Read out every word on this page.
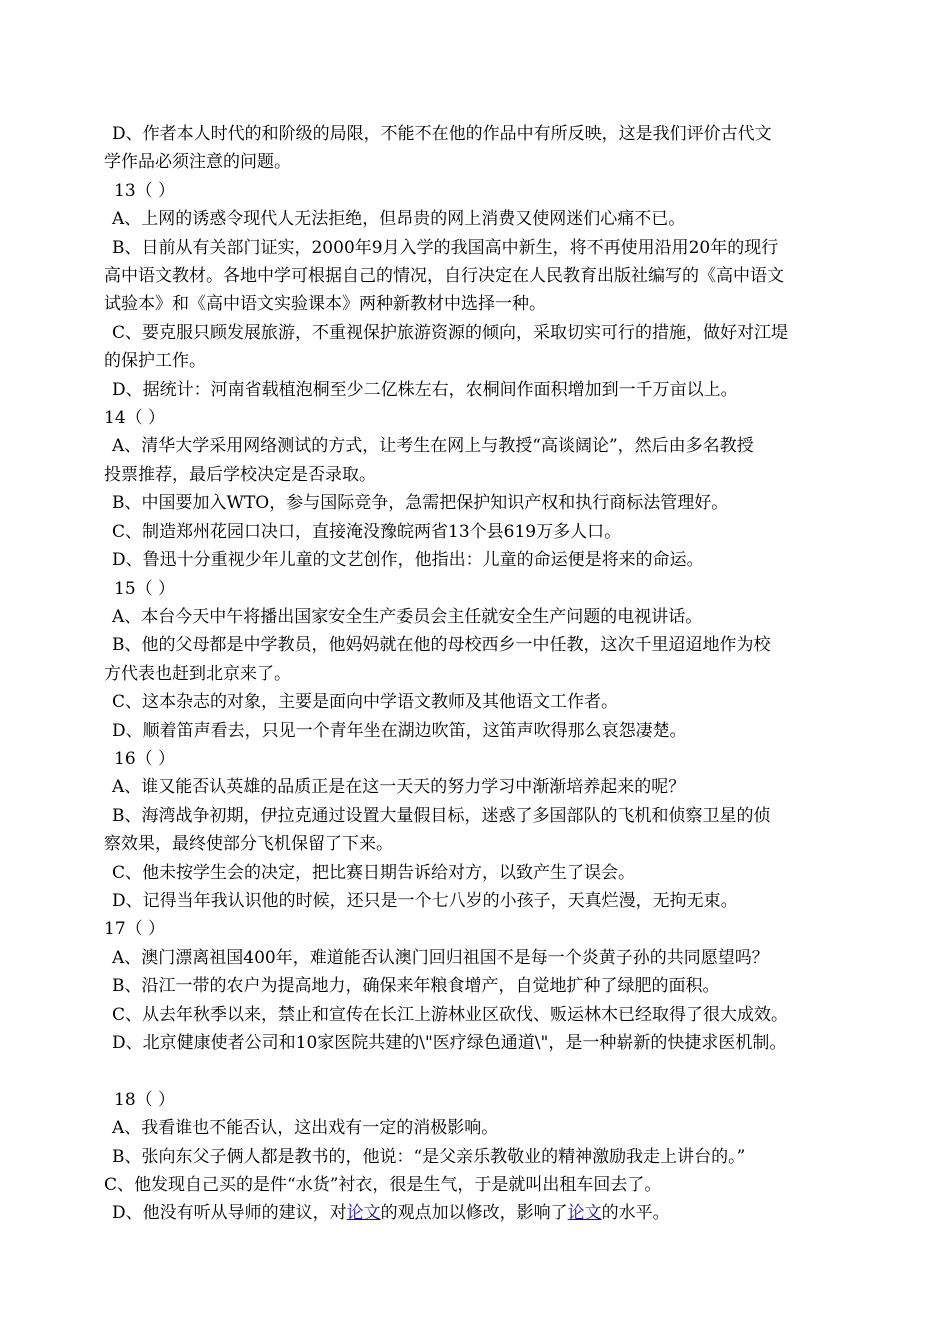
D、作者本人时代的和阶级的局限，不能不在他的作品中有所反映，这是我们评价古代文
学作品必须注意的问题。
13（ ）
A、上网的诱惑令现代人无法拒绝，但昂贵的网上消费又使网迷们心痛不已。
B、日前从有关部门证实，2000年9月入学的我国高中新生，将不再使用沿用20年的现行
高中语文教材。各地中学可根据自己的情况，自行决定在人民教育出版社编写的《高中语文
试验本》和《高中语文实验课本》两种新教材中选择一种。
C、要克服只顾发展旅游，不重视保护旅游资源的倾向，采取切实可行的措施，做好对江堤
的保护工作。
D、据统计：河南省载植泡桐至少二亿株左右，农桐间作面积增加到一千万亩以上。
14（ ）
A、清华大学采用网络测试的方式，让考生在网上与教授“高谈阔论”，然后由多名教授
投票推荐，最后学校决定是否录取。
B、中国要加入WTO，参与国际竞争，急需把保护知识产权和执行商标法管理好。
C、制造郑州花园口决口，直接淹没豫皖两省13个县619万多人口。
D、鲁迅十分重视少年儿童的文艺创作，他指出：儿童的命运便是将来的命运。
15（ ）
A、本台今天中午将播出国家安全生产委员会主任就安全生产问题的电视讲话。
B、他的父母都是中学教员，他妈妈就在他的母校西乡一中任教，这次千里迢迢地作为校
方代表也赶到北京来了。
C、这本杂志的对象，主要是面向中学语文教师及其他语文工作者。
D、顺着笛声看去，只见一个青年坐在湖边吹笛，这笛声吹得那么哀怨凄楚。
16（ ）
A、谁又能否认英雄的品质正是在这一天天的努力学习中渐渐培养起来的呢？
B、海湾战争初期，伊拉克通过设置大量假目标，迷惑了多国部队的飞机和侦察卫星的侦
察效果，最终使部分飞机保留了下来。
C、他未按学生会的决定，把比赛日期告诉给对方，以致产生了误会。
D、记得当年我认识他的时候，还只是一个七八岁的小孩子，天真烂漫，无拘无束。
17（ ）
A、澳门漂离祖国400年，难道能否认澳门回归祖国不是每一个炎黄子孙的共同愿望吗？
B、沿江一带的农户为提高地力，确保来年粮食增产，自觉地扩种了绿肥的面积。
C、从去年秋季以来，禁止和宣传在长江上游林业区砍伐、贩运林木已经取得了很大成效。
D、北京健康使者公司和10家医院共建的\"医疗绿色通道\"，是一种崭新的快捷求医机制。
18（ ）
A、我看谁也不能否认，这出戏有一定的消极影响。
B、张向东父子俩人都是教书的，他说：“是父亲乐教敬业的精神激励我走上讲台的。”
C、他发现自己买的是件“水货”衬衣，很是生气，于是就叫出租车回去了。
D、他没有听从导师的建议，对论文的观点加以修改，影响了论文的水平。
